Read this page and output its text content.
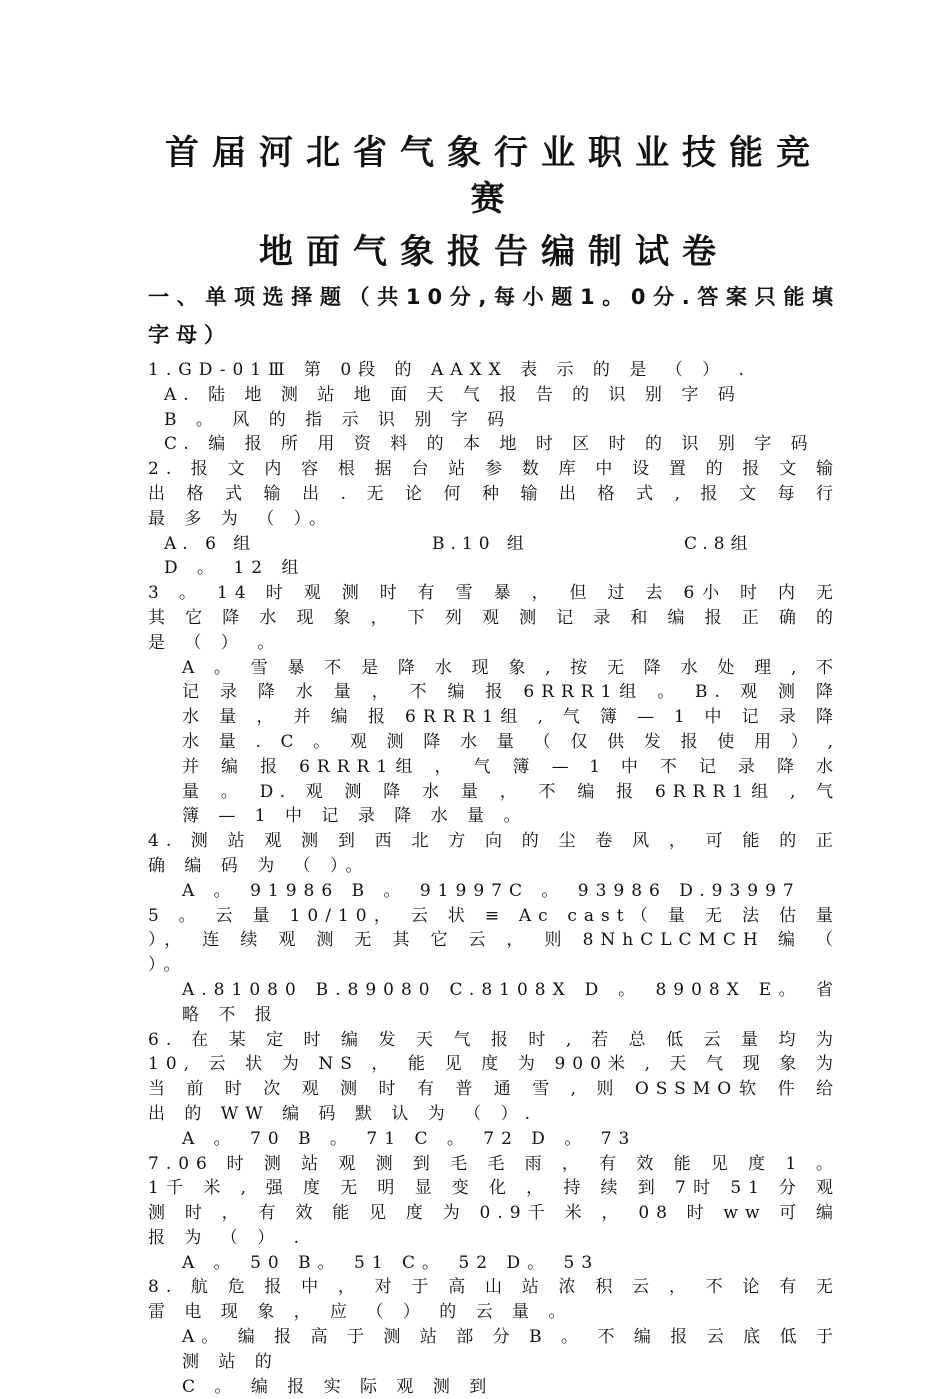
首届河北省气象行业职业技能竞赛
地面气象报告编制试卷
一、单项选择题（共10分,每小题1。0分.答案只能填字母）

1.GD-01Ⅲ 第 0段 的 AAXX 表 示 的 是 （ ） .

A. 陆 地 测 站 地 面 天 气 报 告 的 识 别 字 码

B 。 风 的 指 示 识 别 字 码

C. 编 报 所 用 资 料 的 本 地 时 区 时 的 识 别 字 码

2. 报 文 内 容 根 据 台 站 参 数 库 中 设 置 的 报 文 输 出 格 式 输 出 . 无 论 何 种 输 出 格 式 , 报 文 每 行 最 多 为 （ ）。

A. 6 组	B.10 组	C.8组

D 。 12 组

3 。 14 时 观 测 时 有 雪 暴 ， 但 过 去 6小 时 内 无 其 它 降 水 现 象 ， 下 列 观 测 记 录 和 编 报 正 确 的 是 （ ） 。

A 。 雪 暴 不 是 降 水 现 象 , 按 无 降 水 处 理 , 不 记 录 降 水 量 ， 不 编 报 6RRR1组 。 B. 观 测 降 水 量 ， 并 编 报 6RRR1组 , 气 簿 — 1 中 记 录 降 水 量 . C 。 观 测 降 水 量 （ 仅 供 发 报 使 用 ） , 并 编 报 6RRR1组 ， 气 簿 — 1 中 不 记 录 降 水 量 。 D. 观 测 降 水 量 ， 不 编 报 6RRR1组 , 气 簿 — 1 中 记 录 降 水 量 。

4. 测 站 观 测 到 西 北 方 向 的 尘 卷 风 ， 可 能 的 正 确 编 码 为 （ ）。

A 。 91986 B 。 91997C 。 93986 D.93997

5 。 云 量 10/10， 云 状 ≡ Ac cast（ 量 无 法 估 量 ）， 连 续 观 测 无 其 它 云 ， 则 8NhCLCMCH 编 （ ）。

A.81080 B.89080 C.8108X D 。 8908X E。 省 略 不 报

6. 在 某 定 时 编 发 天 气 报 时 , 若 总 低 云 量 均 为 10, 云 状 为 NS ， 能 见 度 为 900米 , 天 气 现 象 为 当 前 时 次 观 测 时 有 普 通 雪 , 则 OSSMO软 件 给 出 的 WW 编 码 默 认 为 （ ）.

A 。 70 B 。 71 C 。 72 D 。 73

7.06 时 测 站 观 测 到 毛 毛 雨 ， 有 效 能 见 度 1 。 1千 米 , 强 度 无 明 显 变 化 ， 持 续 到 7时 51 分 观 测 时 ， 有 效 能 见 度 为 0.9千 米 ， 08 时 ww 可 编 报 为 （ ） .

A 。 50 B。 51 C。 52 D。 53

8. 航 危 报 中 ， 对 于 高 山 站 浓 积 云 ， 不 论 有 无 雷 电 现 象 ， 应 （ ） 的 云 量 。

A。 编 报 高 于 测 站 部 分 B 。 不 编 报 云 底 低 于 测 站 的

C 。 编 报 实 际 观 测 到
